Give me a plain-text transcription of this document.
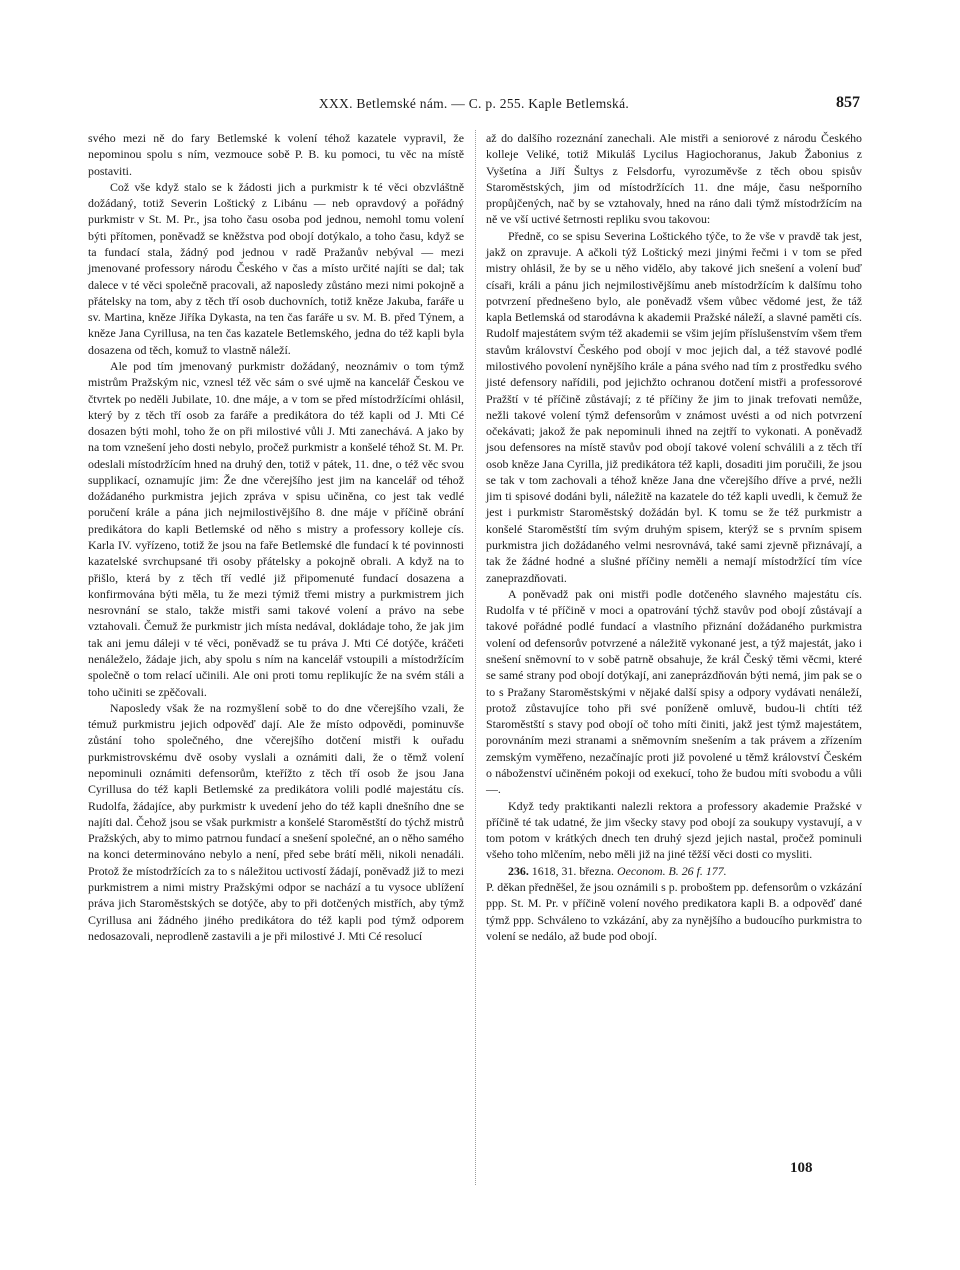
XXX. Betlemské nám. — C. p. 255. Kaple Betlemská.	857

svého mezi ně do fary Betlemské k volení téhož kazatele vypravil, že nepominou spolu s ním, vezmouce sobě P. B. ku pomoci, tu věc na místě postaviti.

Což vše když stalo se k žádosti jich a purkmistr k té věci obzvláštně dožádaný, totiž Severin Loštický z Libánu — neb opravdový a pořádný purkmistr v St. M. Pr., jsa toho času osoba pod jednou, nemohl tomu volení býti přítomen, poněvadž se kněžstva pod obojí dotýkalo, a toho času, když se ta fundací stala, žádný pod jednou v radě Pražanův nebýval — mezi jmenované professory národu Českého v čas a místo určité najíti se dal; tak dalece v té věci společně pracovali, až naposledy zůstáno mezi nimi pokojně a přátelsky na tom, aby z těch tří osob duchovních, totiž kněze Jakuba, faráře u sv. Martina, kněze Jiříka Dykasta, na ten čas faráře u sv. M. B. před Týnem, a kněze Jana Cyrillusa, na ten čas kazatele Betlemského, jedna do též kapli byla dosazena od těch, komuž to vlastně náleží.

Ale pod tím jmenovaný purkmistr dožádaný, neoznámiv o tom týmž mistrům Pražským nic, vznesl též věc sám o své ujmě na kancelář Českou ve čtvrtek po neděli Jubilate, 10. dne máje, a v tom se před místodržícími ohlásil, který by z těch tří osob za faráře a predikátora do též kapli od J. Mti Cé dosazen býti mohl, toho že on při milostivé vůli J. Mti zanechává. A jako by na tom vznešení jeho dosti nebylo, pročež purkmistr a konšelé téhož St. M. Pr. odeslali místodržícím hned na druhý den, totiž v pátek, 11. dne, o též věc svou supplikací, oznamujíc jim: Že dne včerejšího jest jim na kancelář od téhož dožádaného purkmistra jejich zpráva v spisu učiněna, co jest tak vedlé poručení krále a pána jich nejmilostivějšího 8. dne máje v příčině obrání predikátora do kapli Betlemské od něho s mistry a professory kolleje cís. Karla IV. vyřízeno, totiž že jsou na faře Betlemské dle fundací k té povinnosti kazatelské svrchupsané tři osoby přátelsky a pokojně obrali. A když na to přišlo, která by z těch tří vedlé již připomenuté fundací dosazena a konfirmována býti měla, tu že mezi týmiž třemi mistry a purkmistrem jich nesrovnání se stalo, takže mistři sami takové volení a právo na sebe vztahovali. Čemuž že purkmistr jich místa nedával, dokládaje toho, že jak jim tak ani jemu dáleji v té věci, poněvadž se tu práva J. Mti Cé dotýče, kráčeti nenáleželo, žádaje jich, aby spolu s ním na kancelář vstoupili a místodržícím společně o tom relací učinili. Ale oni proti tomu replikujíc že na svém stáli a toho učiniti se zpěčovali.

Naposledy však že na rozmyšlení sobě to do dne včerejšího vzali, že témuž purkmistru jejich odpověď dají. Ale že místo odpovědi, pominuvše zůstání toho společného, dne včerejšího dotčení mistři k ouřadu purkmistrovskému dvě osoby vyslali a oznámiti dali, že o těmž volení nepominuli oznámiti defensorům, kteřížto z těch tří osob že jsou Jana Cyrillusa do též kapli Betlemské za predikátora volili podlé majestátu cís. Rudolfa, žádajíce, aby purkmistr k uvedení jeho do též kapli dnešního dne se najíti dal. Čehož jsou se však purkmistr a konšelé Staroměstští do týchž mistrů Pražských, aby to mimo patrnou fundací a snešení společné, an o něho samého na konci determinováno nebylo a není, před sebe brátí měli, nikoli nenadáli. Protož že místodržících za to s náležitou uctivostí žádají, poněvadž již to mezi purkmistrem a nimi mistry Pražskými odpor se nachází a tu vysoce ublížení práva jich Staroměstských se dotýče, aby to při dotčených mistřích, aby týmž Cyrillusa ani žádného jiného predikátora do též kapli pod týmž odporem nedosazovali, neprodleně zastavili a je při milostivé J. Mti Cé resolucí

až do dalšího rozeznání zanechali. Ale mistři a seniorové z národu Českého kolleje Veliké, totiž Mikuláš Lycilus Hagiochoranus, Jakub Žabonius z Vyšetína a Jiří Šultys z Felsdorfu, vyrozuměvše z těch obou spisův Staroměstských, jim od místodržících 11. dne máje, času nešporního propůjčených, nač by se vztahovaly, hned na ráno dali týmž místodržícím na ně ve vší uctivé šetrnosti repliku svou takovou:

Předně, co se spisu Severina Loštického týče, to že vše v pravdě tak jest, jakž on zpravuje. A ačkoli týž Loštický mezi jinými řečmi i v tom se před mistry ohlásil, že by se u něho vidělo, aby takové jich snešení a volení buď císaři, králi a pánu jich nejmilostivějšímu aneb místodržícím k dalšímu toho potvrzení přednešeno bylo, ale poněvadž všem vůbec vědomé jest, že táž kapla Betlemská od starodávna k akademii Pražské náleží, a slavné paměti cís. Rudolf majestátem svým též akademii se všim jejím příslušenstvím všem třem stavům království Českého pod obojí v moc jejich dal, a též stavové podlé milostivého povolení nynějšího krále a pána svého nad tím z prostředku svého jisté defensory nařídili, pod jejichžto ochranou dotčení mistři a professorové Pražští v té příčině zůstávají; z té příčiny že jim to jinak trefovati nemůže, nežli takové volení týmž defensorům v známost uvésti a od nich potvrzení očekávati; jakož že pak nepominuli ihned na zejtří to vykonati. A poněvadž jsou defensores na místě stavův pod obojí takové volení schválili a z těch tří osob kněze Jana Cyrilla, již predikátora též kapli, dosaditi jim poručili, že jsou se tak v tom zachovali a téhož kněze Jana dne včerejšího dříve a prvé, nežli jim ti spisové dodáni byli, náležitě na kazatele do též kapli uvedli, k čemuž že jest i purkmistr Staroměstský dožádán byl. K tomu se že též purkmistr a konšelé Staroměstští tím svým druhým spisem, kterýž se s prvním spisem purkmistra jich dožádaného velmi nesrovnává, také sami zjevně přiznávají, a tak že žádné hodné a slušné příčiny neměli a nemají místodržící tím více zaneprazdňovati.

A poněvadž pak oni mistři podle dotčeného slavného majestátu cís. Rudolfa v té příčině v moci a opatrování týchž stavův pod obojí zůstávají a takové pořádné podlé fundací a vlastního přiznání dožádaného purkmistra volení od defensorův potvrzené a náležitě vykonané jest, a týž majestát, jako i snešení sněmovní to v sobě patrně obsahuje, že král Český těmi věcmi, které se samé strany pod obojí dotýkají, ani zaneprázdňován býti nemá, jim pak se o to s Pražany Staroměstskými v nějaké další spisy a odpory vydávati nenáleží, protož zůstavujíce toho při své poníženě omluvě, budou-li chtíti též Staroměstští s stavy pod obojí oč toho míti činiti, jakž jest týmž majestátem, porovnáním mezi stranami a sněmovním snešením a tak právem a zřízením zemským vyměřeno, nezačínajíc proti již povolené u těmž království Českém o náboženství učiněném pokoji od exekucí, toho že budou míti svobodu a vůli —.

Když tedy praktikanti nalezli rektora a professory akademie Pražské v příčině té tak udatné, že jim všecky stavy pod obojí za soukupy vystavují, a v tom potom v krátkých dnech ten druhý sjezd jejich nastal, pročež pominuli všeho toho mlčením, nebo měli již na jiné těžší věci dosti co mysliti.

236. 1618, 31. března. Oeconom. B. 26 f. 177.

P. děkan předněšel, že jsou oznámili s p. proboštem pp. defensorům o vzkázání ppp. St. M. Pr. v příčině volení nového predikatora kapli B. a odpověď dané týmž ppp. Schváleno to vzkázání, aby za nynějšího a budoucího purkmistra to volení se nedálo, až bude pod obojí.

108
